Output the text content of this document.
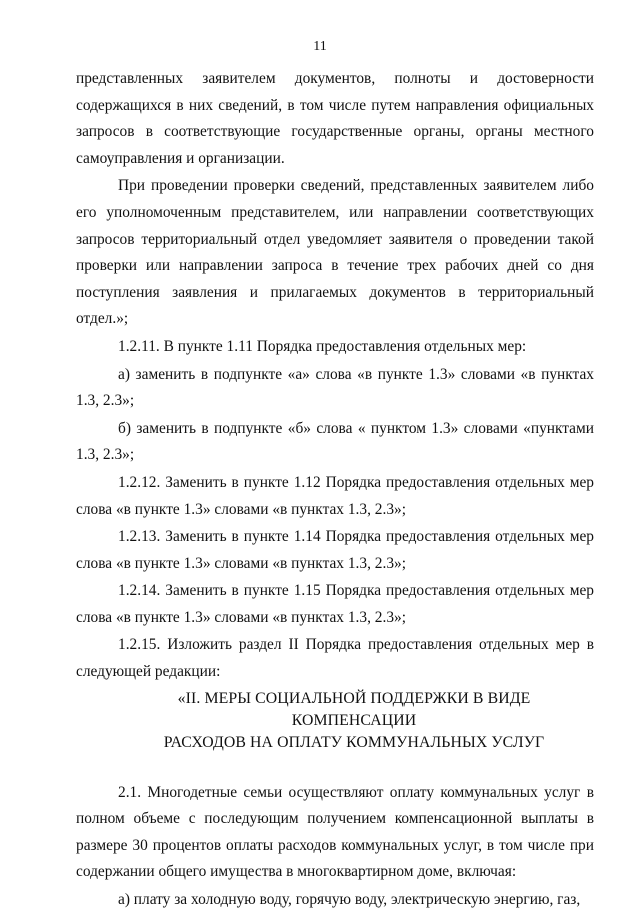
11

представленных заявителем документов, полноты и достоверности содержащихся в них сведений, в том числе путем направления официальных запросов в соответствующие государственные органы, органы местного самоуправления и организации.

При проведении проверки сведений, представленных заявителем либо его уполномоченным представителем, или направлении соответствующих запросов территориальный отдел уведомляет заявителя о проведении такой проверки или направлении запроса в течение трех рабочих дней со дня поступления заявления и прилагаемых документов в территориальный отдел.»;

1.2.11. В пункте 1.11 Порядка предоставления отдельных мер:

а) заменить в подпункте «а» слова «в пункте 1.3» словами «в пунктах 1.3, 2.3»;

б) заменить в подпункте «б» слова « пунктом 1.3» словами «пунктами 1.3, 2.3»;

1.2.12. Заменить в пункте 1.12 Порядка предоставления отдельных мер слова «в пункте 1.3» словами «в пунктах 1.3, 2.3»;

1.2.13. Заменить в пункте 1.14 Порядка предоставления отдельных мер слова «в пункте 1.3» словами «в пунктах 1.3, 2.3»;

1.2.14. Заменить в пункте 1.15 Порядка предоставления отдельных мер слова «в пункте 1.3» словами «в пунктах 1.3, 2.3»;

1.2.15. Изложить раздел II Порядка предоставления отдельных мер в следующей редакции:

«II. МЕРЫ СОЦИАЛЬНОЙ ПОДДЕРЖКИ В ВИДЕ КОМПЕНСАЦИИ
РАСХОДОВ НА ОПЛАТУ КОММУНАЛЬНЫХ УСЛУГ

2.1. Многодетные семьи осуществляют оплату коммунальных услуг в полном объеме с последующим получением компенсационной выплаты в размере 30 процентов оплаты расходов коммунальных услуг, в том числе при содержании общего имущества в многоквартирном доме, включая:

а) плату за холодную воду, горячую воду, электрическую энергию, газ,
